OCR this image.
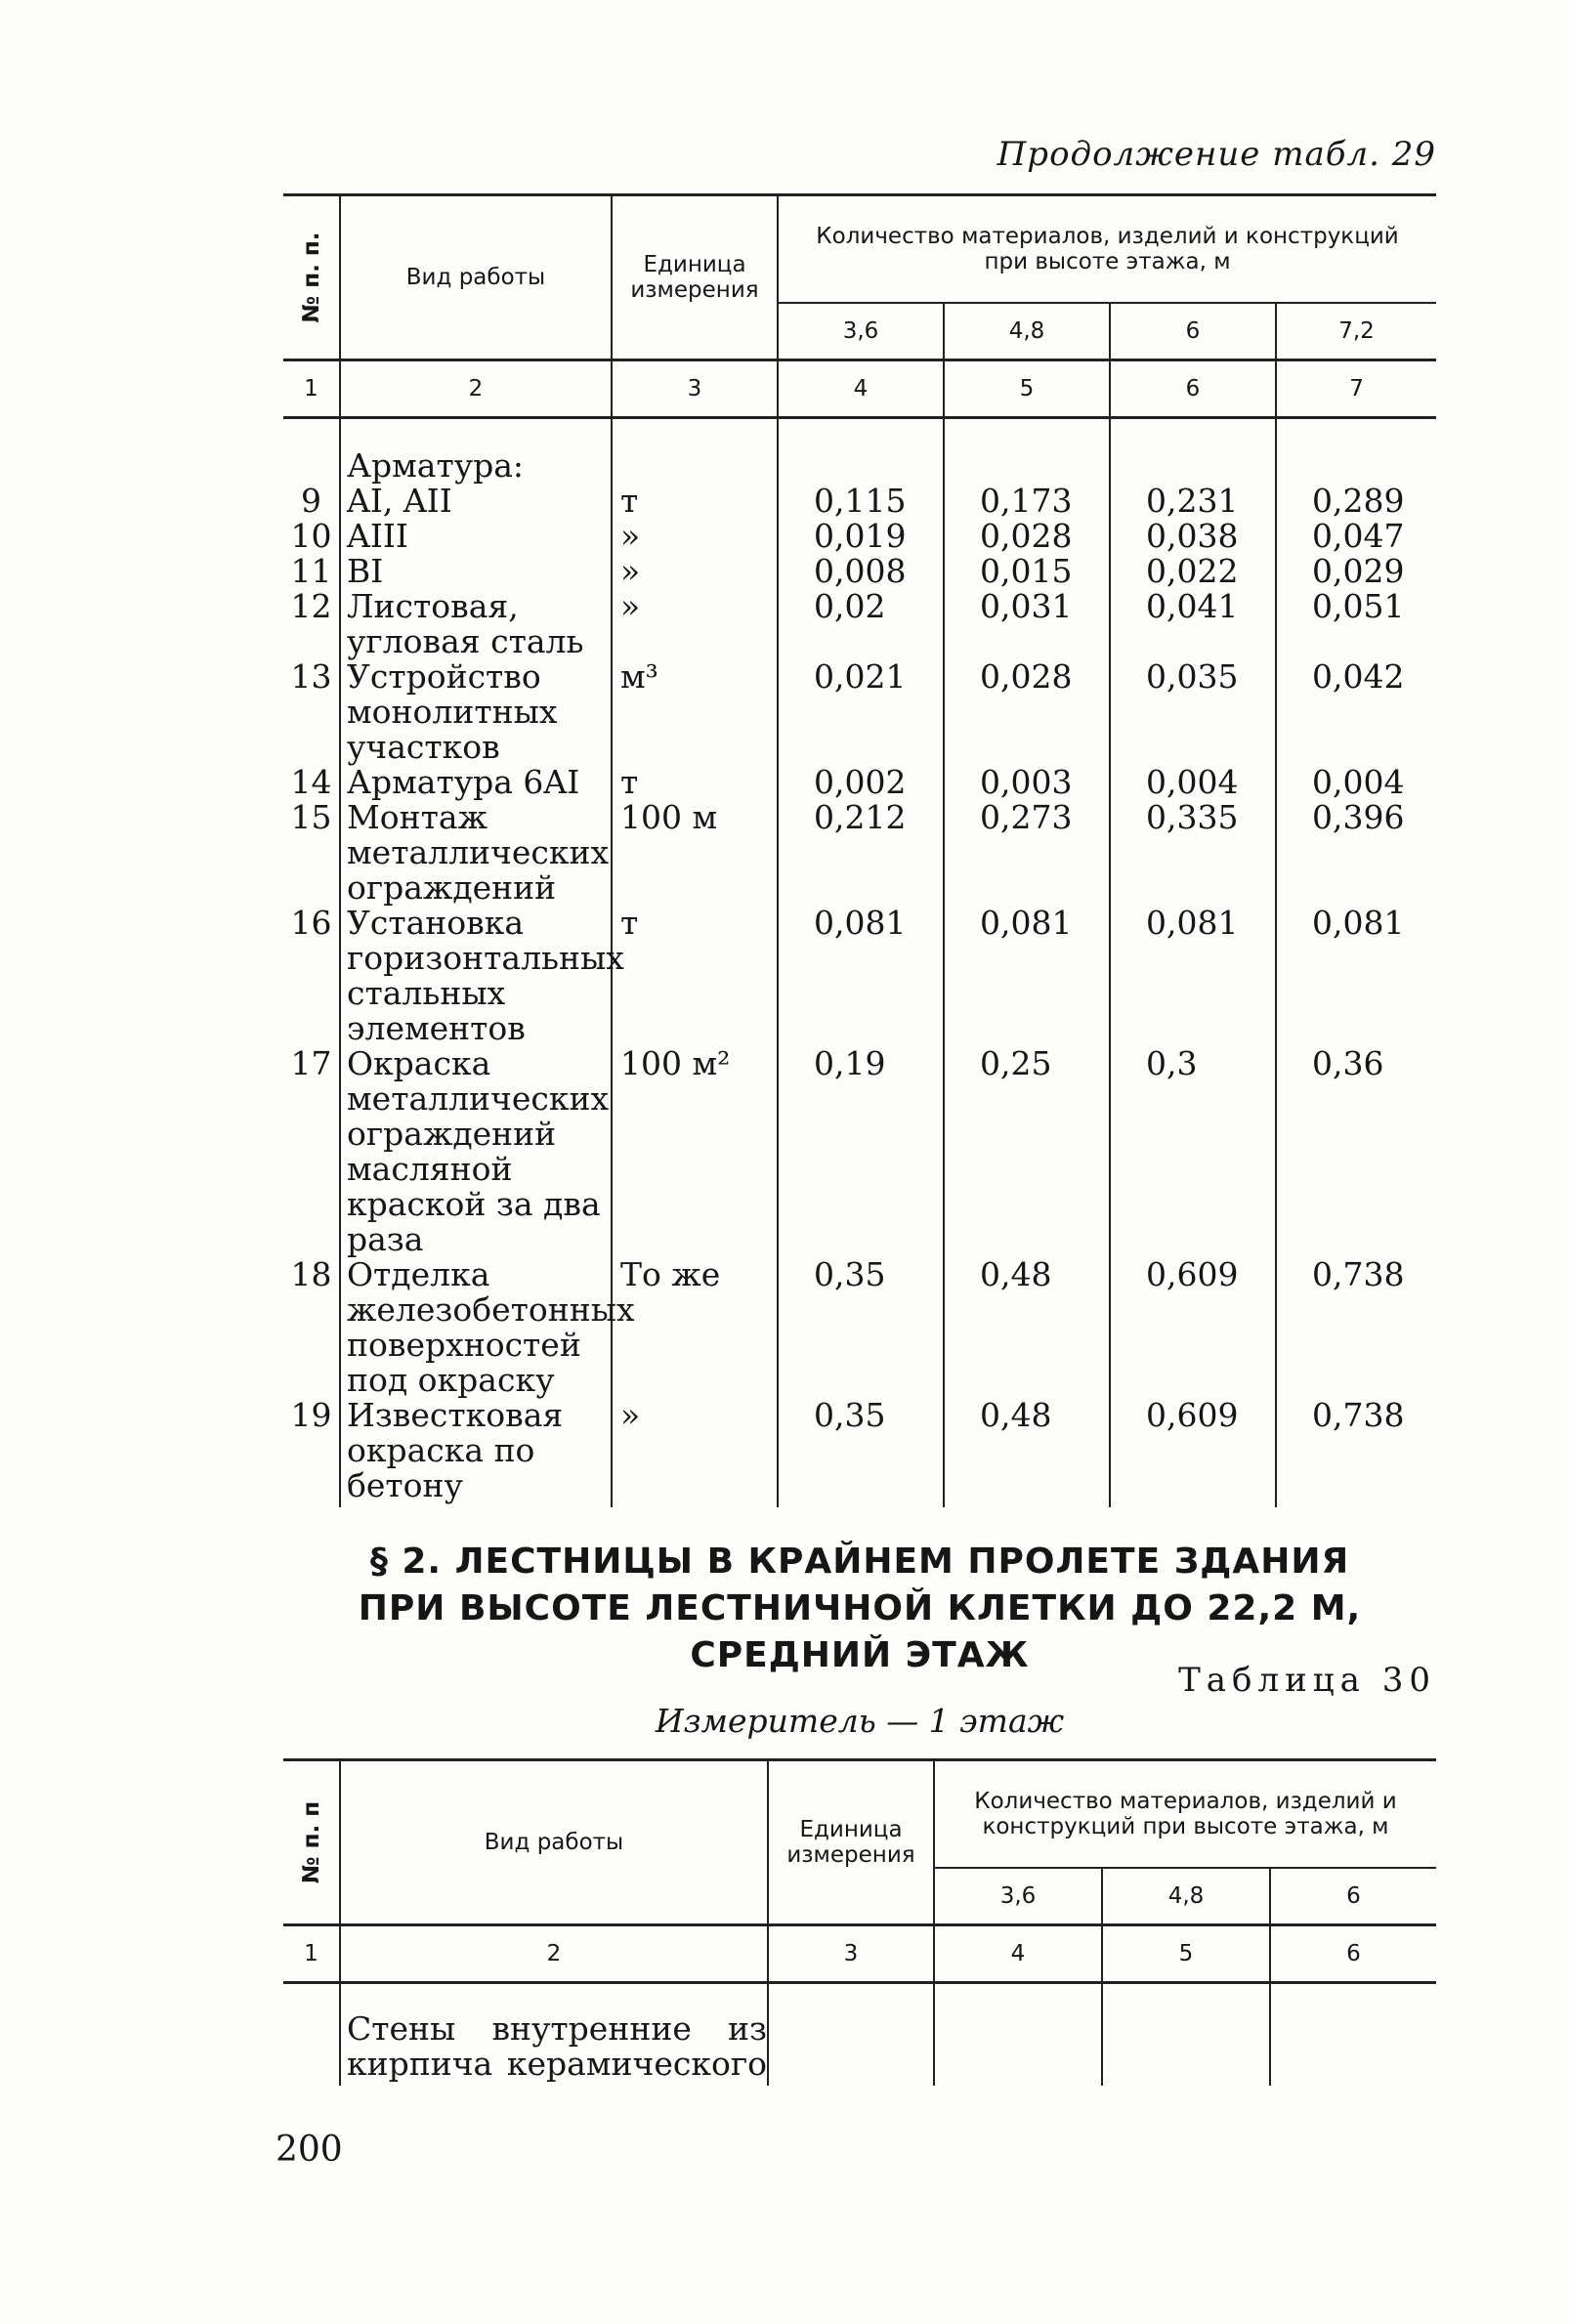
Продолжение табл. 29
№ п. п.	Вид работы	Единица измерения	Количество материалов, изделий и конструкций при высоте этажа, м			
			3,6	4,8	6	7,2
1	2	3	4	5	6	7
	Арматура:					
9	AI, AII	т	0,115	0,173	0,231	0,289
10	AIII	»	0,019	0,028	0,038	0,047
11	BI	»	0,008	0,015	0,022	0,029
12	Листовая, угловая сталь	»	0,02	0,031	0,041	0,051
13	Устройство монолитных участков	м³	0,021	0,028	0,035	0,042
14	Арматура 6AI	т	0,002	0,003	0,004	0,004
15	Монтаж металлических ограждений	100 м	0,212	0,273	0,335	0,396
16	Установка горизонтальных стальных элементов	т	0,081	0,081	0,081	0,081
17	Окраска металлических ограждений масляной краской за два раза	100 м²	0,19	0,25	0,3	0,36
18	Отделка железобетонных поверхностей под окраску	То же	0,35	0,48	0,609	0,738
19	Известковая окраска по бетону	»	0,35	0,48	0,609	0,738
§ 2. ЛЕСТНИЦЫ В КРАЙНЕМ ПРОЛЕТЕ ЗДАНИЯ
ПРИ ВЫСОТЕ ЛЕСТНИЧНОЙ КЛЕТКИ ДО 22,2 М,
СРЕДНИЙ ЭТАЖ
Таблица 30
Измеритель — 1 этаж
№ п. п	Вид работы	Единица измерения	Количество материалов, изделий и конструкций при высоте этажа, м		
			3,6	4,8	6
1	2	3	4	5	6
	Стены внутренние из кирпича керамического				
200
